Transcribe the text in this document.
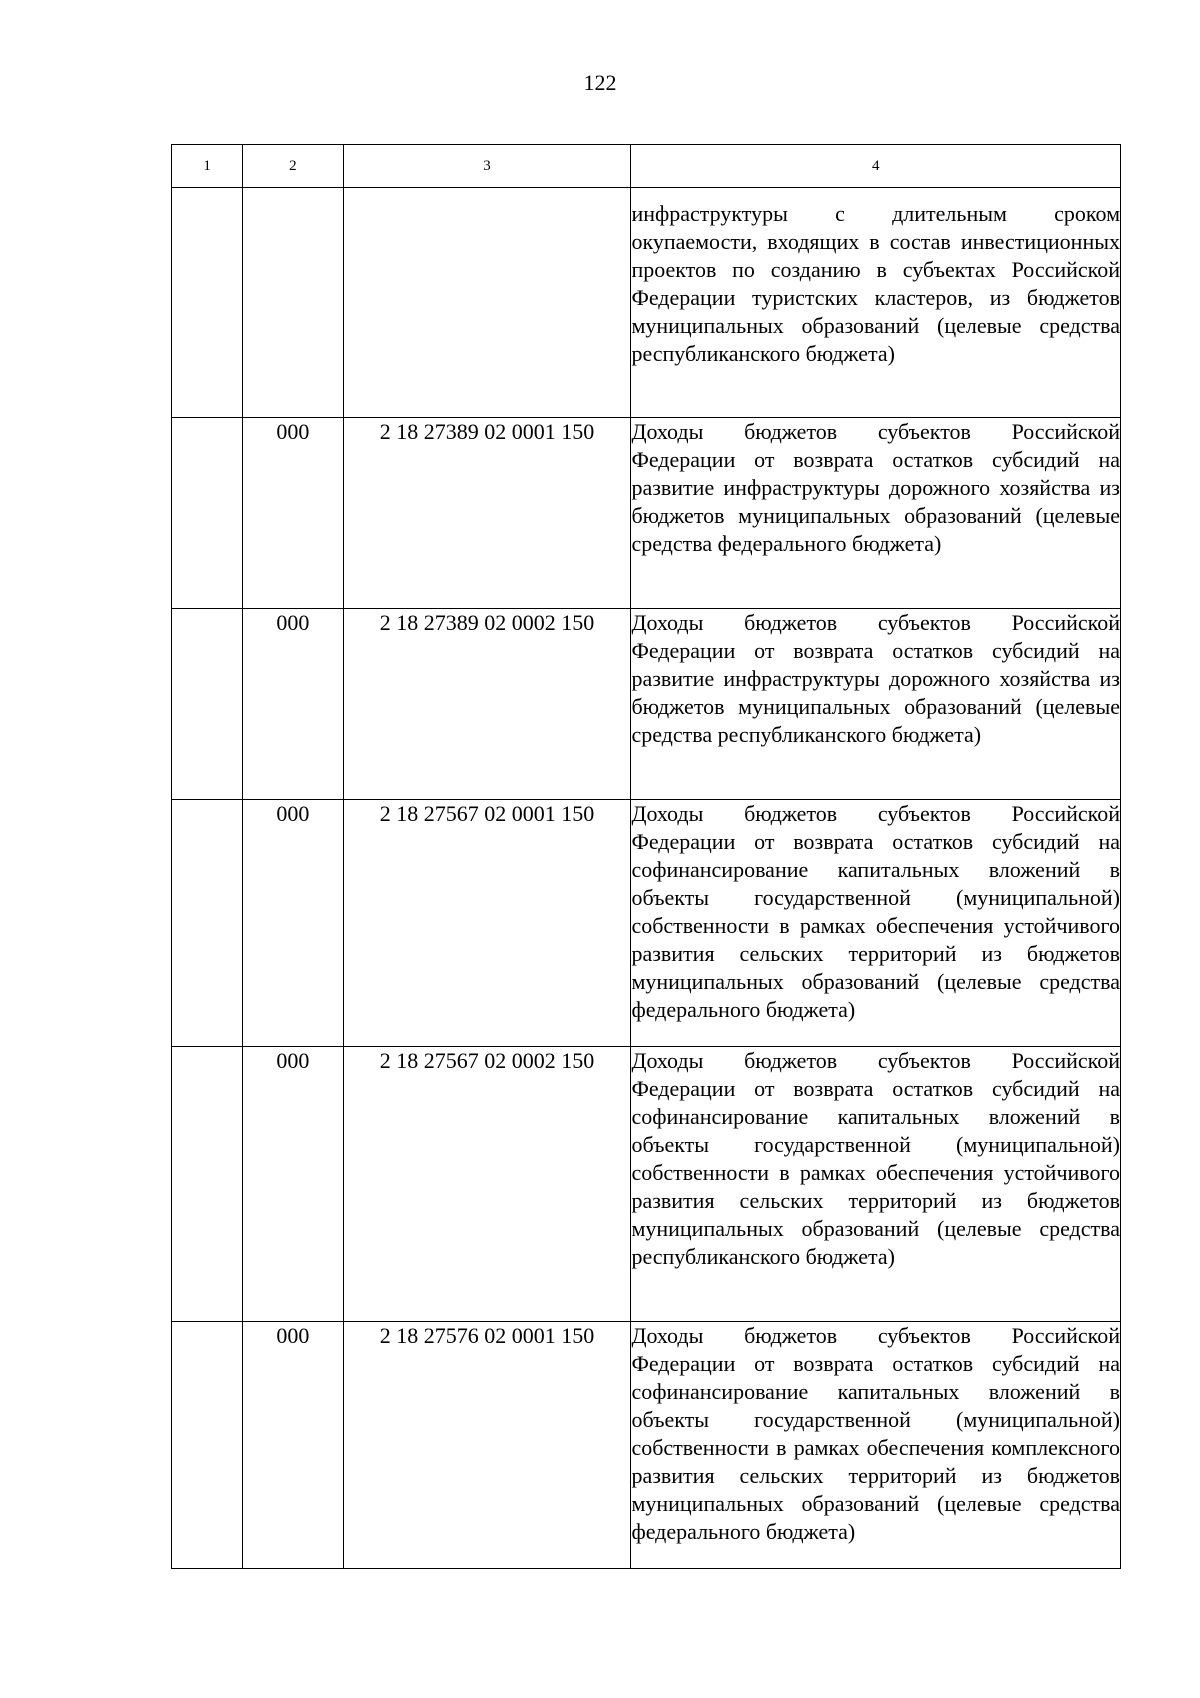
122
1	2	3	4
			инфраструктуры с длительным сроком окупаемости, входящих в состав инвестиционных проектов по созданию в субъектах Российской Федерации туристских кластеров, из бюджетов муниципальных образований (целевые средства республиканского бюджета)
	000	2 18 27389 02 0001 150	Доходы бюджетов субъектов Российской Федерации от возврата остатков субсидий на развитие инфраструктуры дорожного хозяйства из бюджетов муниципальных образований (целевые средства федерального бюджета)
	000	2 18 27389 02 0002 150	Доходы бюджетов субъектов Российской Федерации от возврата остатков субсидий на развитие инфраструктуры дорожного хозяйства из бюджетов муниципальных образований (целевые средства республиканского бюджета)
	000	2 18 27567 02 0001 150	Доходы бюджетов субъектов Российской Федерации от возврата остатков субсидий на софинансирование капитальных вложений в объекты государственной (муниципальной) собственности в рамках обеспечения устойчивого развития сельских территорий из бюджетов муниципальных образований (целевые средства федерального бюджета)
	000	2 18 27567 02 0002 150	Доходы бюджетов субъектов Российской Федерации от возврата остатков субсидий на софинансирование капитальных вложений в объекты государственной (муниципальной) собственности в рамках обеспечения устойчивого развития сельских территорий из бюджетов муниципальных образований (целевые средства республиканского бюджета)
	000	2 18 27576 02 0001 150	Доходы бюджетов субъектов Российской Федерации от возврата остатков субсидий на софинансирование капитальных вложений в объекты государственной (муниципальной) собственности в рамках обеспечения комплексного развития сельских территорий из бюджетов муниципальных образований (целевые средства федерального бюджета)
